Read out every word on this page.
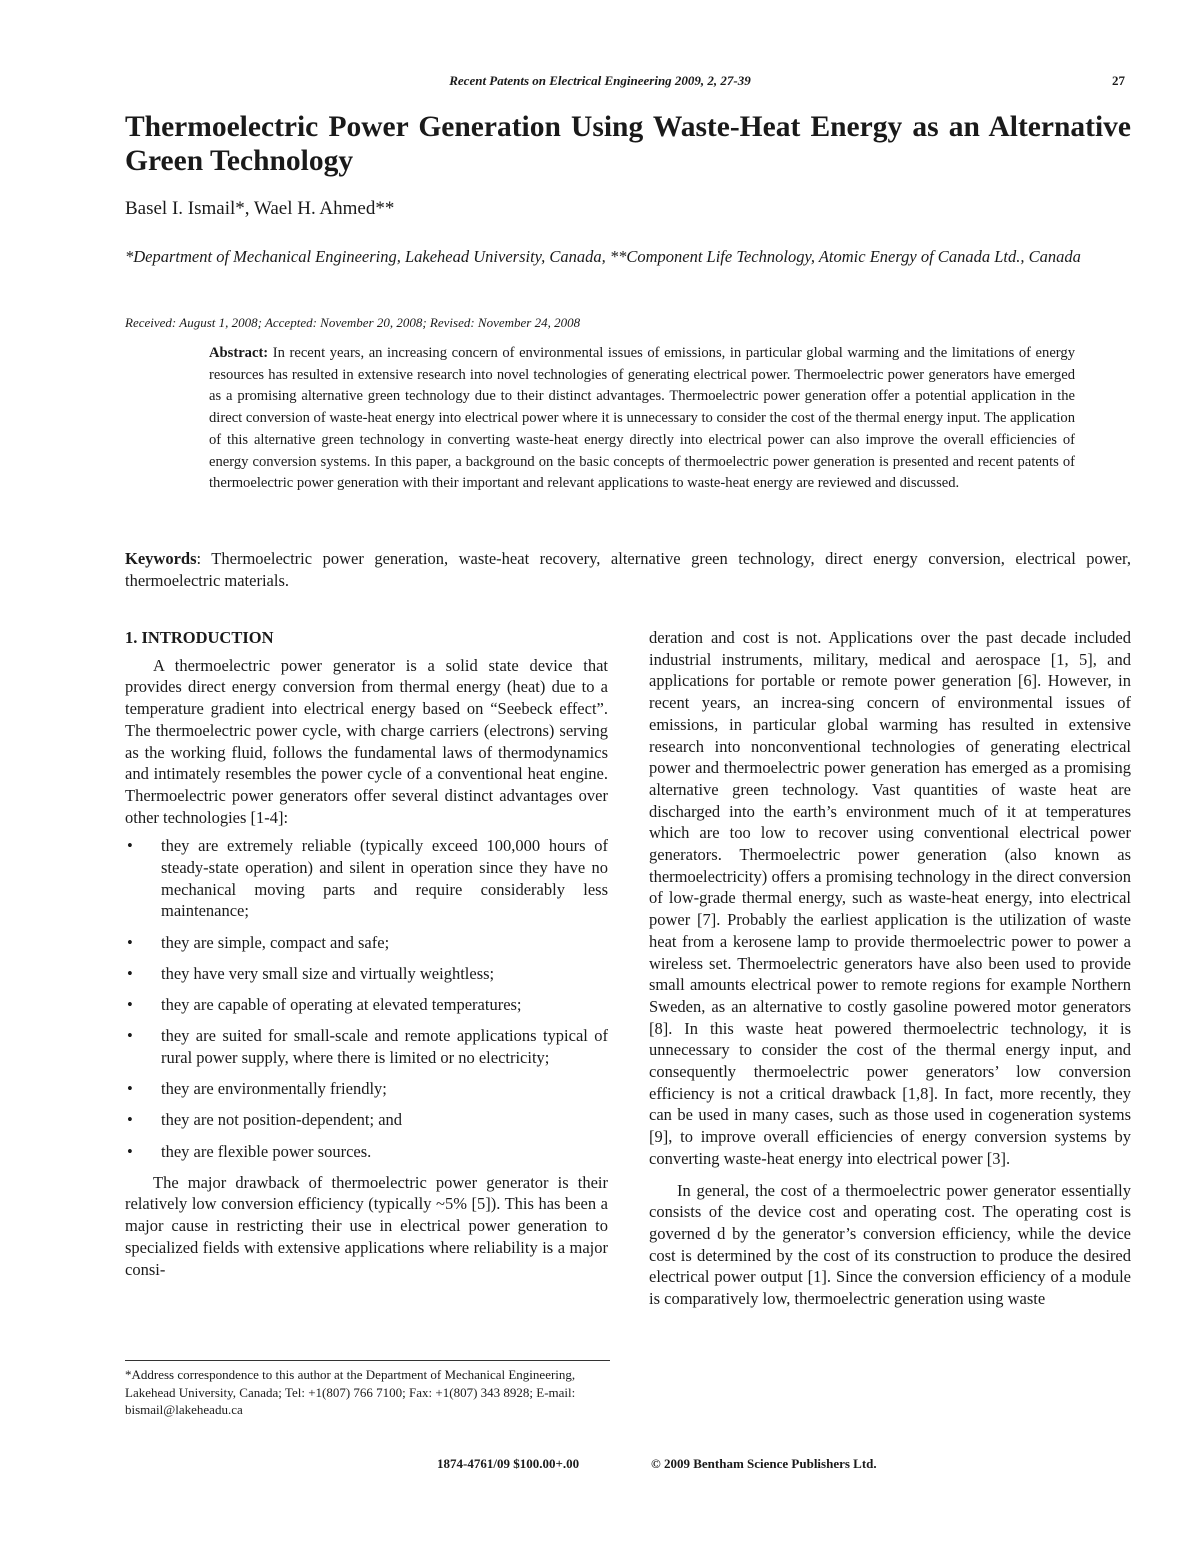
Recent Patents on Electrical Engineering 2009, 2, 27-39	27
Thermoelectric Power Generation Using Waste-Heat Energy as an Alternative Green Technology
Basel I. Ismail*, Wael H. Ahmed**
*Department of Mechanical Engineering, Lakehead University, Canada, **Component Life Technology, Atomic Energy of Canada Ltd., Canada
Received: August 1, 2008; Accepted: November 20, 2008; Revised: November 24, 2008
Abstract: In recent years, an increasing concern of environmental issues of emissions, in particular global warming and the limitations of energy resources has resulted in extensive research into novel technologies of generating electrical power. Thermoelectric power generators have emerged as a promising alternative green technology due to their distinct advantages. Thermoelectric power generation offer a potential application in the direct conversion of waste-heat energy into electrical power where it is unnecessary to consider the cost of the thermal energy input. The application of this alternative green technology in converting waste-heat energy directly into electrical power can also improve the overall efficiencies of energy conversion systems. In this paper, a background on the basic concepts of thermoelectric power generation is presented and recent patents of thermoelectric power generation with their important and relevant applications to waste-heat energy are reviewed and discussed.
Keywords: Thermoelectric power generation, waste-heat recovery, alternative green technology, direct energy conversion, electrical power, thermoelectric materials.

1. INTRODUCTION

A thermoelectric power generator is a solid state device that provides direct energy conversion from thermal energy (heat) due to a temperature gradient into electrical energy based on “Seebeck effect”. The thermoelectric power cycle, with charge carriers (electrons) serving as the working fluid, follows the fundamental laws of thermodynamics and intimately resembles the power cycle of a conventional heat engine. Thermoelectric power generators offer several distinct advantages over other technologies [1-4]:

• they are extremely reliable (typically exceed 100,000 hours of steady-state operation) and silent in operation since they have no mechanical moving parts and require considerably less maintenance;
• they are simple, compact and safe;
• they have very small size and virtually weightless;
• they are capable of operating at elevated temperatures;
• they are suited for small-scale and remote applications typical of rural power supply, where there is limited or no electricity;
• they are environmentally friendly;
• they are not position-dependent; and
• they are flexible power sources.

The major drawback of thermoelectric power generator is their relatively low conversion efficiency (typically ~5% [5]). This has been a major cause in restricting their use in electrical power generation to specialized fields with extensive applications where reliability is a major consi-

deration and cost is not. Applications over the past decade included industrial instruments, military, medical and aerospace [1, 5], and applications for portable or remote power generation [6]. However, in recent years, an increa-sing concern of environmental issues of emissions, in particular global warming has resulted in extensive research into nonconventional technologies of generating electrical power and thermoelectric power generation has emerged as a promising alternative green technology. Vast quantities of waste heat are discharged into the earth’s environment much of it at temperatures which are too low to recover using conventional electrical power generators. Thermoelectric power generation (also known as thermoelectricity) offers a promising technology in the direct conversion of low-grade thermal energy, such as waste-heat energy, into electrical power [7]. Probably the earliest application is the utilization of waste heat from a kerosene lamp to provide thermoelectric power to power a wireless set. Thermoelectric generators have also been used to provide small amounts electrical power to remote regions for example Northern Sweden, as an alternative to costly gasoline powered motor generators [8]. In this waste heat powered thermoelectric technology, it is unnecessary to consider the cost of the thermal energy input, and consequently thermoelectric power generators’ low conversion efficiency is not a critical drawback [1,8]. In fact, more recently, they can be used in many cases, such as those used in cogeneration systems [9], to improve overall efficiencies of energy conversion systems by converting waste-heat energy into electrical power [3].

In general, the cost of a thermoelectric power generator essentially consists of the device cost and operating cost. The operating cost is governed d by the generator’s conversion efficiency, while the device cost is determined by the cost of its construction to produce the desired electrical power output [1]. Since the conversion efficiency of a module is comparatively low, thermoelectric generation using waste

*Address correspondence to this author at the Department of Mechanical Engineering, Lakehead University, Canada; Tel: +1(807) 766 7100; Fax: +1(807) 343 8928; E-mail: bismail@lakeheadu.ca
1874-4761/09 $100.00+.00	© 2009 Bentham Science Publishers Ltd.
